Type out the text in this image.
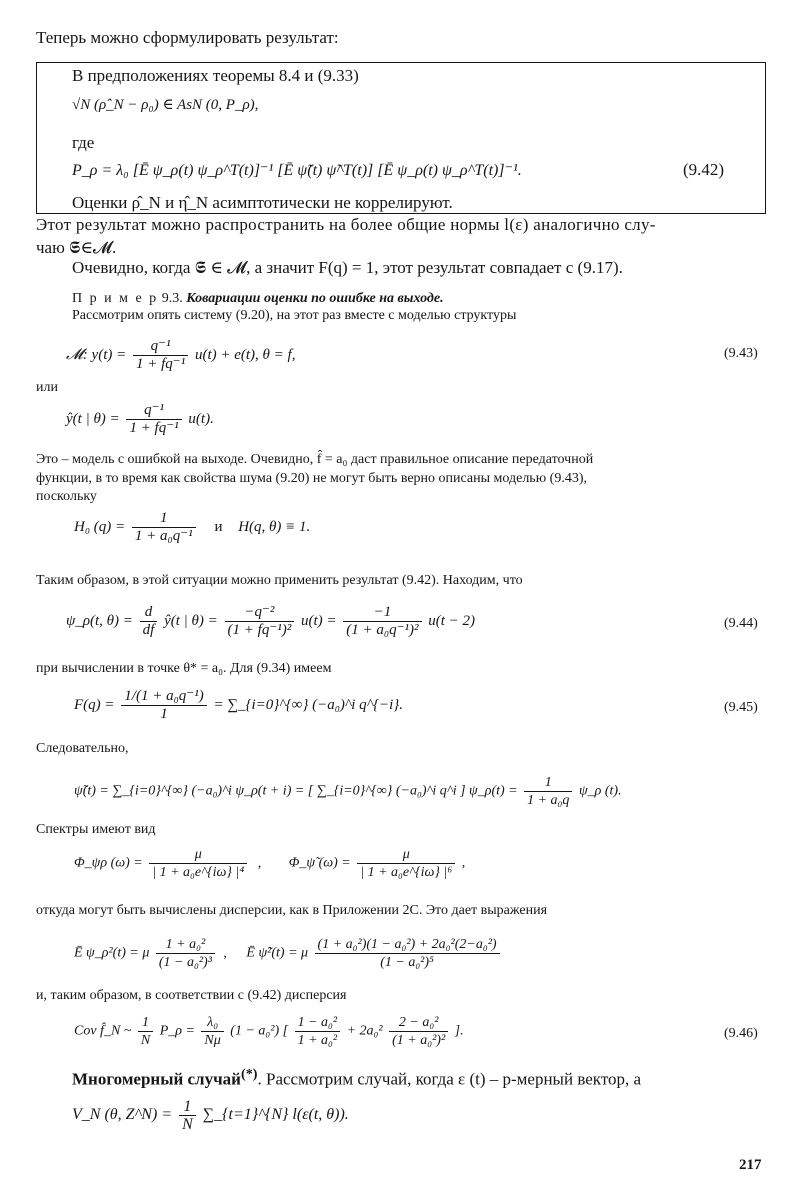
Теперь можно сформулировать результат:
В предположениях теоремы 8.4 и (9.33)
√N (ρ̂_N − ρ₀) ∈ AsN (0, P_ρ),
где
P_ρ = λ₀ [Ē ψ_ρ(t) ψ_ρ^T(t)]⁻¹ [Ē ψ̃(t) ψ̃^T(t)] [Ē ψ_ρ(t) ψ_ρ^T(t)]⁻¹.	(9.42)
Оценки ρ̂_N и η̂_N асимптотически не коррелируют.
Этот результат можно распространить на более общие нормы l(ε) аналогично слу-
чаю 𝕾∈𝓜.
Очевидно, когда 𝕾 ∈ 𝓜, а значит F(q) = 1, этот результат совпадает с (9.17).
П р и м е р 9.3. Ковариации оценки по ошибке на выходе.
Рассмотрим опять систему (9.20), на этот раз вместе с моделью структуры
𝓜: $y(t) = \frac{\text{q⁻¹}}{\text{1 + fq⁻¹}} u(t) + e(t)$, θ = f,	(9.43)
или
ŷ(t | $\theta) = \frac{\text{q⁻¹}}{\text{1 + fq⁻¹}} u(t)$.
Это – модель с ошибкой на выходе. Очевидно, f̂ = a₀ даст правильное описание передаточной
функции, в то время как свойства шума (9.20) не могут быть верно описаны моделью (9.43),
поскольку
H₀ $(q) = \frac{1}{\text{1 + a₀q⁻¹}}$ и H(q, θ) ≡ 1.
Таким образом, в этой ситуации можно применить результат (9.42). Находим, что
ψ_ρ(t, $\theta) = \frac{d}{df}$ ŷ(t | $\theta) = \frac{\text{−q⁻²}}{\text{(1 + fq⁻¹)²}} u(t) = \frac{-1}{\text{(1 + a₀q⁻¹)²}} u(t - 2)$	(9.44)
при вычислении в точке θ* = a₀. Для (9.34) имеем
$F(q) = \frac{\text{1/(1 + a₀q⁻¹)}}{1}$ = ∑_{i=0}^{∞} (−a₀)^i q^{−i}.	(9.45)
Следовательно,
ψ̃(t) = ∑_{i=0}^{∞} (−a₀)^i ψ_ρ(t + i) = [ ∑_{i=0}^{∞} (−a₀)^i q^i ] ψ_ρ(t) = $\frac{1}{\text{1 + a₀q}}$ ψ_ρ (t).
Спектры имеют вид
Φ_ψρ $(\omega) = \frac{\mu}{\text{| 1 + a₀e\textasciicircum{}\{iω\} |⁴}}$ , Φ_ψ̃ $(\omega) = \frac{\mu}{\text{| 1 + a₀e\textasciicircum{}\{iω\} |⁶}}$ ,
откуда могут быть вычислены дисперсии, как в Приложении 2С. Это дает выражения
Ē ψ_ρ²(t) = μ $\frac{\text{1 + a₀²}}{\text{(1 − a₀²)³}}$ , Ē ψ̃²(t) = μ $\frac{\text{(1 + a₀²)(1 − a₀²) + 2a₀²(2−a₀²)}}{\text{(1 − a₀²)⁵}}$
и, таким образом, в соответствии с (9.42) дисперсия
Cov f̂_N ~ $\frac{1}{N}$ P_ρ = $\frac{\text{λ₀}}{N\mu} (1 - a_0^2)$ [ $\frac{\text{1 − a₀²}}{\text{1 + a₀²}} + 2a_0^2 \frac{\text{2 − a₀²}}{\text{(1 + a₀²)²}}$ ].	(9.46)
Многомерный случай(*). Рассмотрим случай, когда ε (t) – p-мерный вектор, а
V_N (θ, Z^N) = $\frac{1}{N}$ ∑_{t=1}^{N} l(ε(t, θ)).
217
